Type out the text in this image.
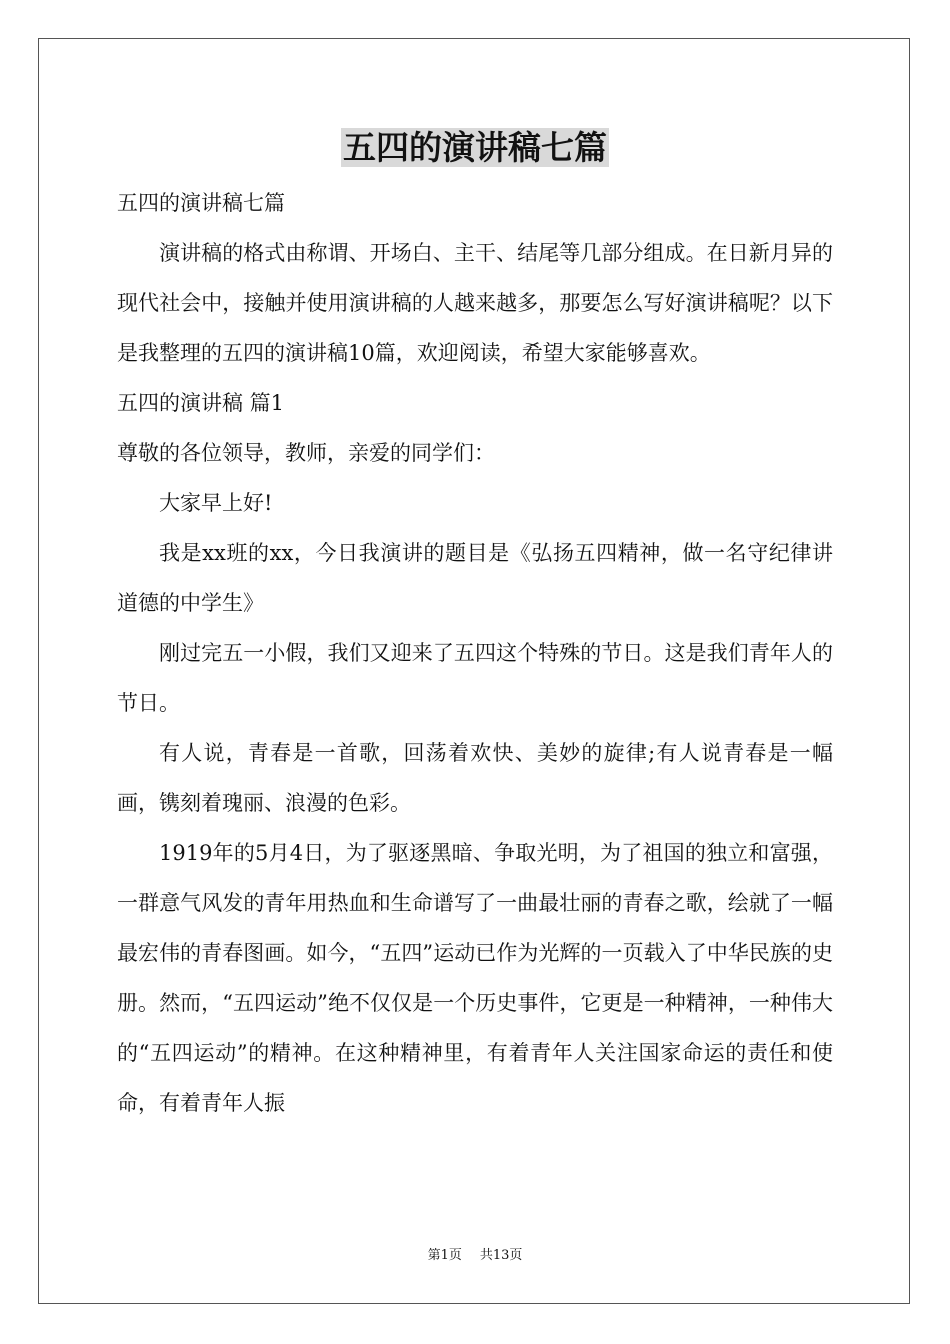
五四的演讲稿七篇

五四的演讲稿七篇

演讲稿的格式由称谓、开场白、主干、结尾等几部分组成。在日新月异的现代社会中，接触并使用演讲稿的人越来越多，那要怎么写好演讲稿呢？以下是我整理的五四的演讲稿10篇，欢迎阅读，希望大家能够喜欢。

五四的演讲稿 篇1

尊敬的各位领导，教师，亲爱的同学们：

大家早上好!

我是xx班的xx，今日我演讲的题目是《弘扬五四精神，做一名守纪律讲道德的中学生》

刚过完五一小假，我们又迎来了五四这个特殊的节日。这是我们青年人的节日。

有人说，青春是一首歌，回荡着欢快、美妙的旋律;有人说青春是一幅画，镌刻着瑰丽、浪漫的色彩。

1919年的5月4日，为了驱逐黑暗、争取光明，为了祖国的独立和富强，一群意气风发的青年用热血和生命谱写了一曲最壮丽的青春之歌，绘就了一幅最宏伟的青春图画。如今，“五四”运动已作为光辉的一页载入了中华民族的史册。然而，“五四运动”绝不仅仅是一个历史事件，它更是一种精神，一种伟大的“五四运动”的精神。在这种精神里，有着青年人关注国家命运的责任和使命，有着青年人振

第1页 共13页
